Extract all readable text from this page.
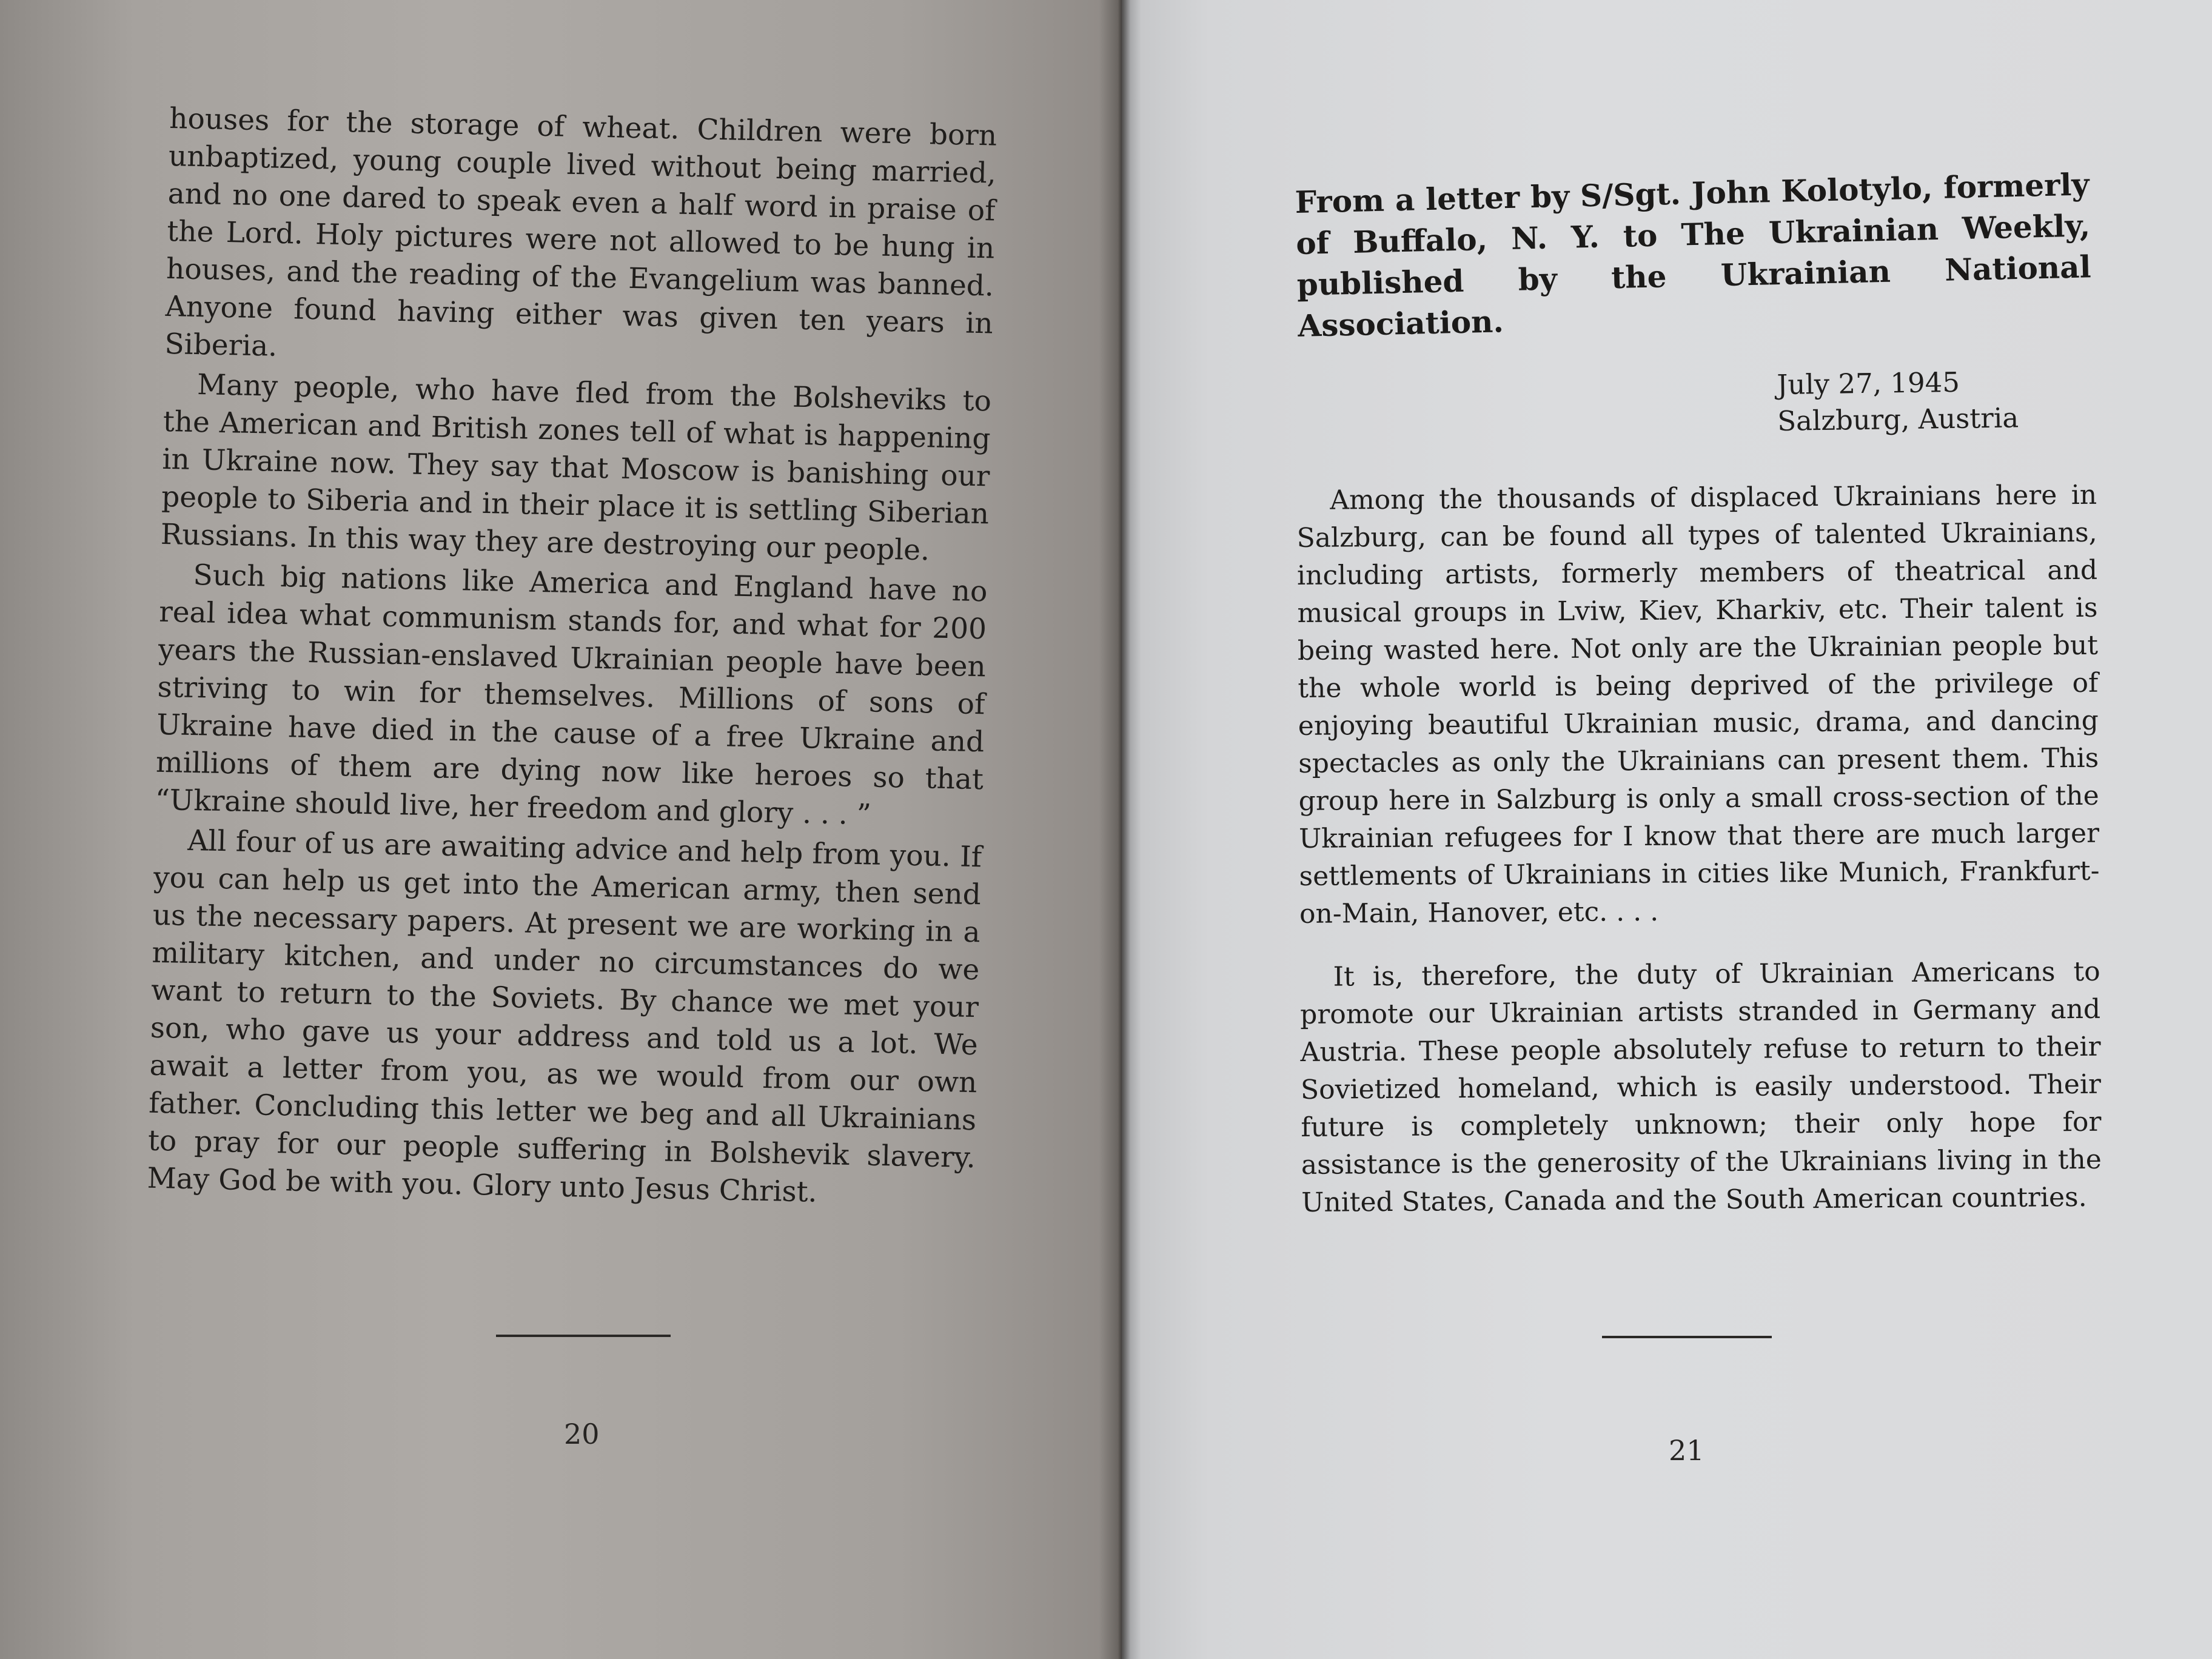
houses for the storage of wheat. Children were born unbaptized, young couple lived without being married, and no one dared to speak even a half word in praise of the Lord. Holy pictures were not allowed to be hung in houses, and the reading of the Evangelium was banned. Anyone found having either was given ten years in Siberia.

Many people, who have fled from the Bolsheviks to the American and British zones tell of what is happening in Ukraine now. They say that Moscow is banishing our people to Siberia and in their place it is settling Siberian Russians. In this way they are destroying our people.

Such big nations like America and England have no real idea what communism stands for, and what for 200 years the Russian-enslaved Ukrainian people have been striving to win for themselves. Millions of sons of Ukraine have died in the cause of a free Ukraine and millions of them are dying now like heroes so that “Ukraine should live, her freedom and glory . . . ”

All four of us are awaiting advice and help from you. If you can help us get into the American army, then send us the necessary papers. At present we are working in a military kitchen, and under no circumstances do we want to return to the Soviets. By chance we met your son, who gave us your address and told us a lot. We await a letter from you, as we would from our own father. Concluding this letter we beg and all Ukrainians to pray for our people suffering in Bolshevik slavery. May God be with you. Glory unto Jesus Christ.

20
From a letter by S/Sgt. John Kolotylo, formerly of Buffalo, N. Y. to The Ukrainian Weekly, published by the Ukrainian National Association.
July 27, 1945
Salzburg, Austria

Among the thousands of displaced Ukrainians here in Salzburg, can be found all types of talented Ukrainians, including artists, formerly members of theatrical and musical groups in Lviw, Kiev, Kharkiv, etc. Their talent is being wasted here. Not only are the Ukrainian people but the whole world is being deprived of the privilege of enjoying beautiful Ukrainian music, drama, and dancing spectacles as only the Ukrainians can present them. This group here in Salzburg is only a small cross-section of the Ukrainian refugees for I know that there are much larger settlements of Ukrainians in cities like Munich, Frankfurt-on-Main, Hanover, etc. . . .

It is, therefore, the duty of Ukrainian Americans to promote our Ukrainian artists stranded in Germany and Austria. These people absolutely refuse to return to their Sovietized homeland, which is easily understood. Their future is completely unknown; their only hope for assistance is the generosity of the Ukrainians living in the United States, Canada and the South American countries.

21
